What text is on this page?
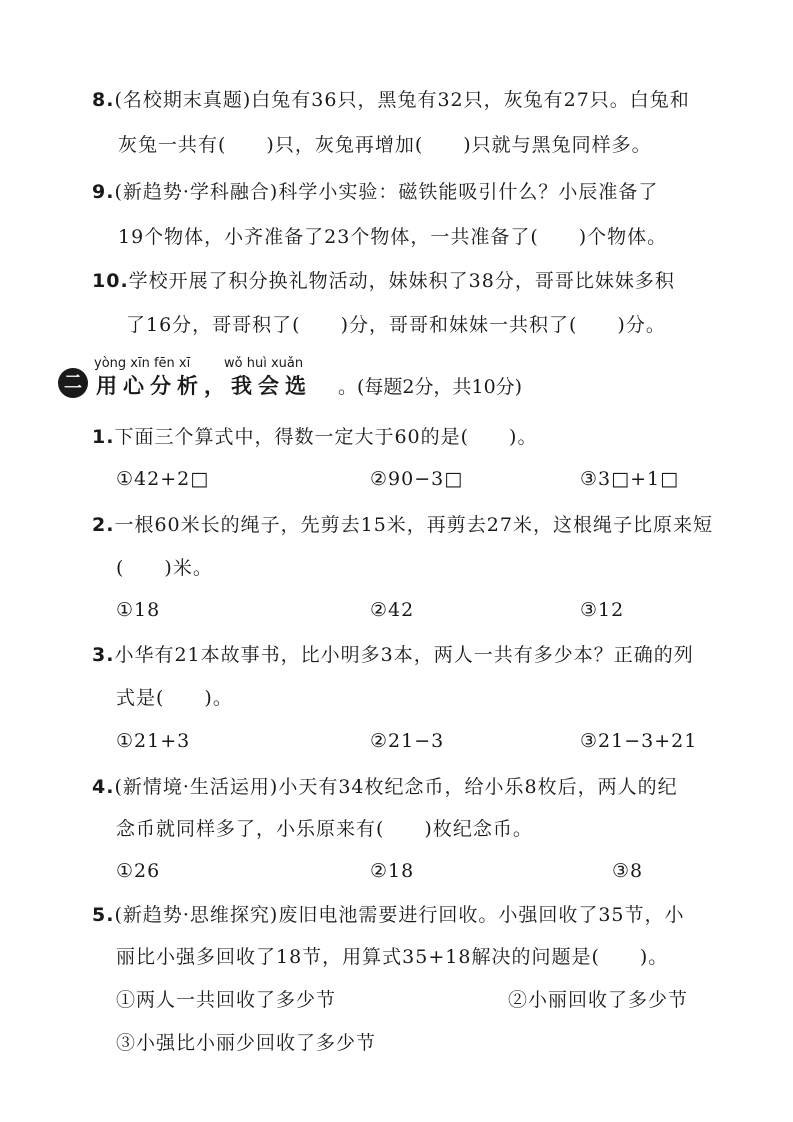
8.(名校期末真题)白兔有36只，黑兔有32只，灰兔有27只。白兔和
灰兔一共有(　　)只，灰兔再增加(　　)只就与黑兔同样多。
9.(新趋势·学科融合)科学小实验：磁铁能吸引什么？小辰准备了
19个物体，小齐准备了23个物体，一共准备了(　　)个物体。
10.学校开展了积分换礼物活动，妹妹积了38分，哥哥比妹妹多积
了16分，哥哥积了(　　)分，哥哥和妹妹一共积了(　　)分。
二
yòng xīn fēn xī	wǒ huì xuǎn
用心分析，我会选 。(每题2分，共10分)
1.下面三个算式中，得数一定大于60的是(　　)。
①42+2□	②90−3□	③3□+1□
2.一根60米长的绳子，先剪去15米，再剪去27米，这根绳子比原来短
(　　)米。
①18	②42	③12
3.小华有21本故事书，比小明多3本，两人一共有多少本？正确的列
式是(　　)。
①21+3	②21−3	③21−3+21
4.(新情境·生活运用)小天有34枚纪念币，给小乐8枚后，两人的纪
念币就同样多了，小乐原来有(　　)枚纪念币。
①26	②18	③8
5.(新趋势·思维探究)废旧电池需要进行回收。小强回收了35节，小
丽比小强多回收了18节，用算式35+18解决的问题是(　　)。
①两人一共回收了多少节	②小丽回收了多少节
③小强比小丽少回收了多少节
